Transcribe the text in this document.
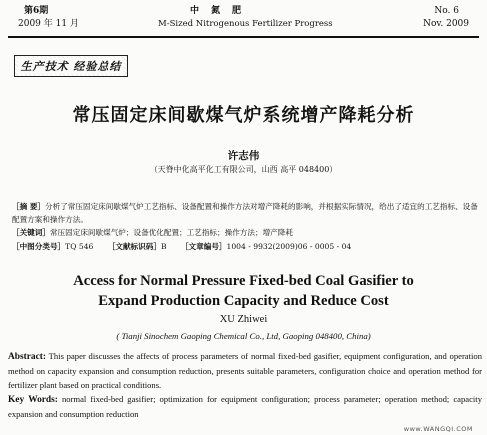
第6期
2009 年 11 月
中氮肥
M-Sized Nitrogenous Fertilizer Progress
No. 6
Nov. 2009
生产技术 经验总结
常压固定床间歇煤气炉系统增产降耗分析
许志伟
（天脊中化高平化工有限公司，山西 高平 048400）
［摘 要］分析了常压固定床间歇煤气炉工艺指标、设备配置和操作方法对增产降耗的影响，并根据实际情况，给出了适宜的工艺指标、设备配置方案和操作方法。
［关键词］常压固定床间歇煤气炉；设备优化配置；工艺指标；操作方法；增产降耗
［中图分类号］TQ 546 ［文献标识码］B ［文章编号］1004 - 9932(2009)06 - 0005 - 04
Access for Normal Pressure Fixed-bed Coal Gasifier to
Expand Production Capacity and Reduce Cost
XU Zhiwei
( Tianji Sinochem Gaoping Chemical Co., Ltd, Gaoping 048400, China)
Abstract: This paper discusses the affects of process parameters of normal fixed-bed gasifier, equipment configuration, and operation method on capacity expansion and consumption reduction, presents suitable parameters, configuration choice and operation method for fertilizer plant based on practical conditions.
Key Words: normal fixed-bed gasifier; optimization for equipment configuration; process parameter; operation method; capacity expansion and consumption reduction
www.WANGQI.COM
